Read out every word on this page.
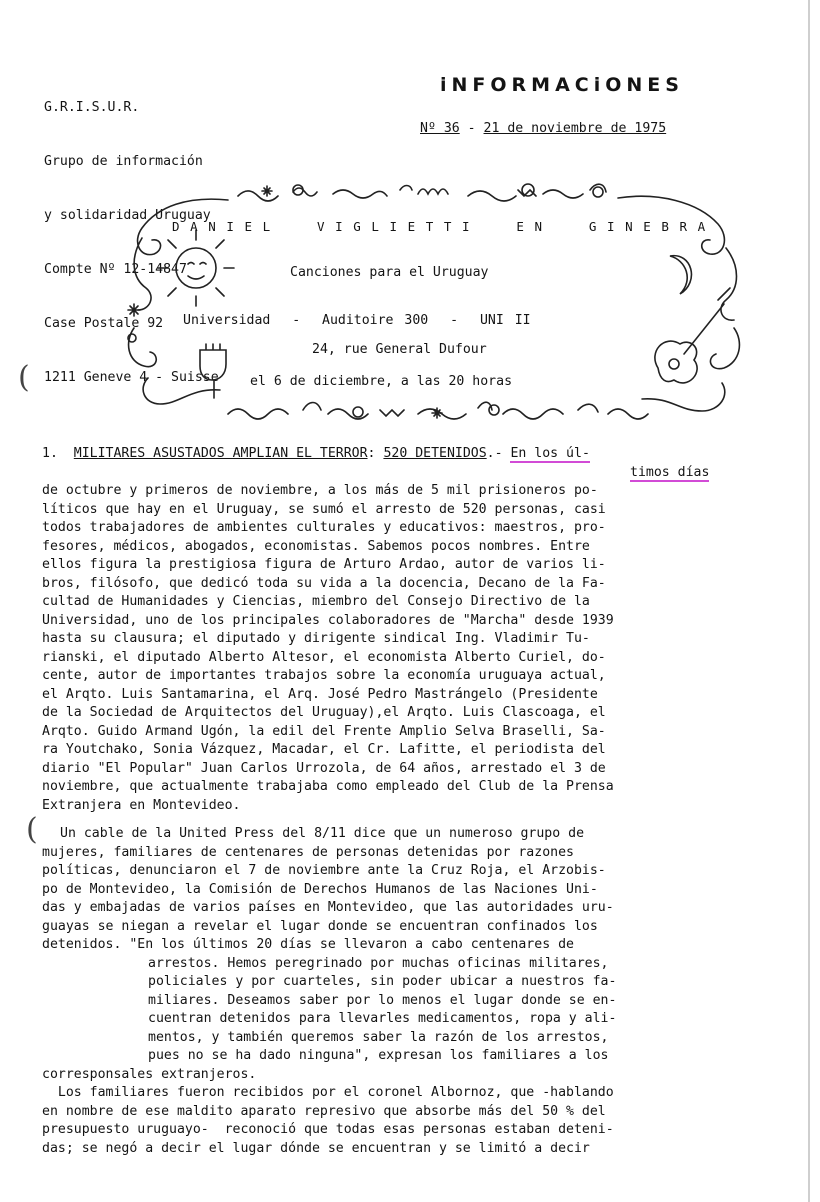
G.R.I.S.U.R.

Grupo de información

y solidaridad Uruguay

Compte Nº 12-14847

Case Postale 92

1211 Geneve 4 - Suisse

iNFORMACiONES
Nº 36 - 21 de noviembre de 1975
DANIEL  VIGLIETTI  EN  GINEBRA
Canciones para el Uruguay
Universidad  -  Auditoire 300  -  UNI II
24, rue General Dufour
el 6 de diciembre, a las 20 horas
(
(
1. MILITARES ASUSTADOS AMPLIAN EL TERROR: 520 DETENIDOS.- En los úl-
timos días
de octubre y primeros de noviembre, a los más de 5 mil prisioneros po-
líticos que hay en el Uruguay, se sumó el arresto de 520 personas, casi
todos trabajadores de ambientes culturales y educativos: maestros, pro-
fesores, médicos, abogados, economistas. Sabemos pocos nombres. Entre
ellos figura la prestigiosa figura de Arturo Ardao, autor de varios li-
bros, filósofo, que dedicó toda su vida a la docencia, Decano de la Fa-
cultad de Humanidades y Ciencias, miembro del Consejo Directivo de la
Universidad, uno de los principales colaboradores de "Marcha" desde 1939
hasta su clausura; el diputado y dirigente sindical Ing. Vladimir Tu-
rianski, el diputado Alberto Altesor, el economista Alberto Curiel, do-
cente, autor de importantes trabajos sobre la economía uruguaya actual,
el Arqto. Luis Santamarina, el Arq. José Pedro Mastrángelo (Presidente
de la Sociedad de Arquitectos del Uruguay),el Arqto. Luis Clascoaga, el
Arqto. Guido Armand Ugón, la edil del Frente Amplio Selva Braselli, Sa-
ra Youtchako, Sonia Vázquez, Macadar, el Cr. Lafitte, el periodista del
diario "El Popular" Juan Carlos Urrozola, de 64 años, arrestado el 3 de
noviembre, que actualmente trabajaba como empleado del Club de la Prensa
Extranjera en Montevideo.
Un cable de la United Press del 8/11 dice que un numeroso grupo de
mujeres, familiares de centenares de personas detenidas por razones
políticas, denunciaron el 7 de noviembre ante la Cruz Roja, el Arzobis-
po de Montevideo, la Comisión de Derechos Humanos de las Naciones Uni-
das y embajadas de varios países en Montevideo, que las autoridades uru-
guayas se niegan a revelar el lugar donde se encuentran confinados los
detenidos. "En los últimos 20 días se llevaron a cabo centenares de
arrestos. Hemos peregrinado por muchas oficinas militares,
policiales y por cuarteles, sin poder ubicar a nuestros fa-
miliares. Deseamos saber por lo menos el lugar donde se en-
cuentran detenidos para llevarles medicamentos, ropa y ali-
mentos, y también queremos saber la razón de los arrestos,
pues no se ha dado ninguna", expresan los familiares a los
corresponsales extranjeros.
Los familiares fueron recibidos por el coronel Albornoz, que -hablando
en nombre de ese maldito aparato represivo que absorbe más del 50 % del
presupuesto uruguayo-  reconoció que todas esas personas estaban deteni-
das; se negó a decir el lugar dónde se encuentran y se limitó a decir
